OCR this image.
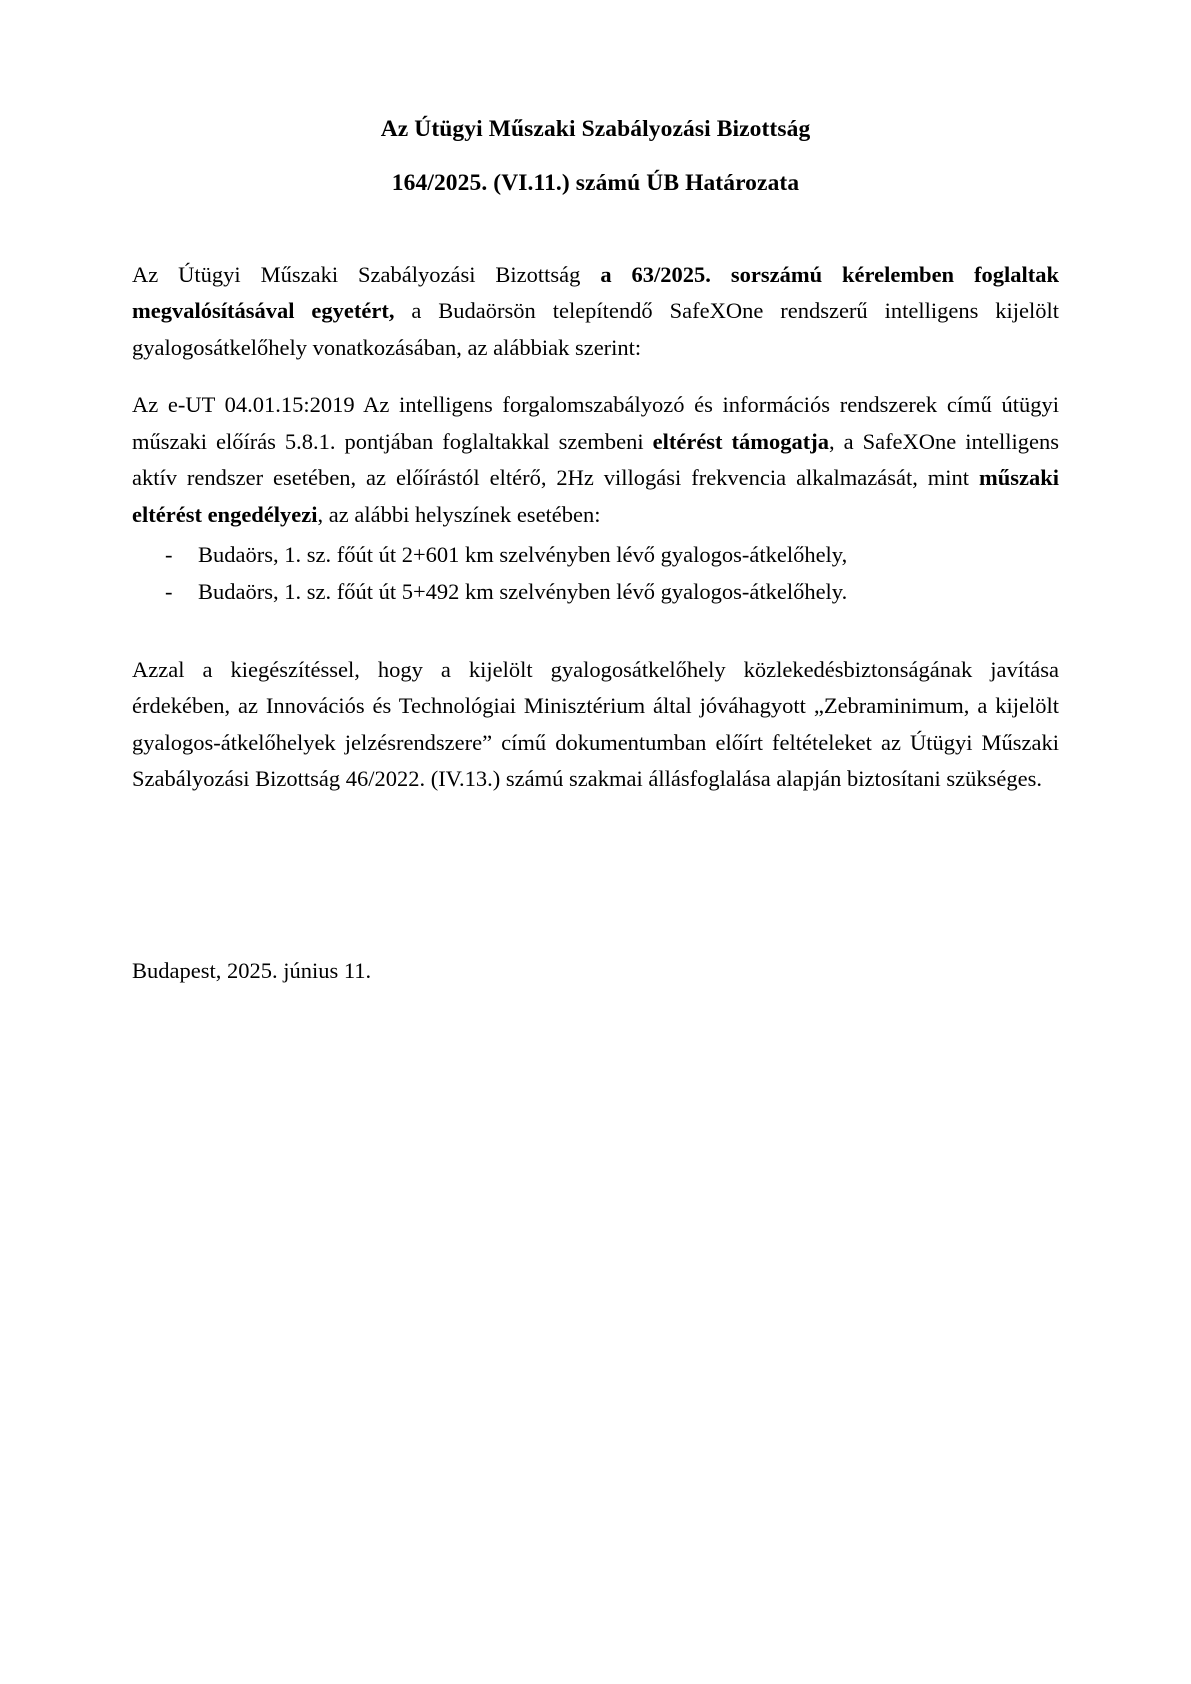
Az Útügyi Műszaki Szabályozási Bizottság
164/2025. (VI.11.) számú ÚB Határozata

Az Útügyi Műszaki Szabályozási Bizottság a 63/2025. sorszámú kérelemben foglaltak megvalósításával egyetért, a Budaörsön telepítendő SafeXOne rendszerű intelligens kijelölt gyalogosátkelőhely vonatkozásában, az alábbiak szerint:

Az e-UT 04.01.15:2019 Az intelligens forgalomszabályozó és információs rendszerek című útügyi műszaki előírás 5.8.1. pontjában foglaltakkal szembeni eltérést támogatja, a SafeXOne intelligens aktív rendszer esetében, az előírástól eltérő, 2Hz villogási frekvencia alkalmazását, mint műszaki eltérést engedélyezi, az alábbi helyszínek esetében:

- Budaörs, 1. sz. főút út 2+601 km szelvényben lévő gyalogos-átkelőhely,
- Budaörs, 1. sz. főút út 5+492 km szelvényben lévő gyalogos-átkelőhely.

Azzal a kiegészítéssel, hogy a kijelölt gyalogosátkelőhely közlekedésbiztonságának javítása érdekében, az Innovációs és Technológiai Minisztérium által jóváhagyott „Zebraminimum, a kijelölt gyalogos-átkelőhelyek jelzésrendszere” című dokumentumban előírt feltételeket az Útügyi Műszaki Szabályozási Bizottság 46/2022. (IV.13.) számú szakmai állásfoglalása alapján biztosítani szükséges.

Budapest, 2025. június 11.
